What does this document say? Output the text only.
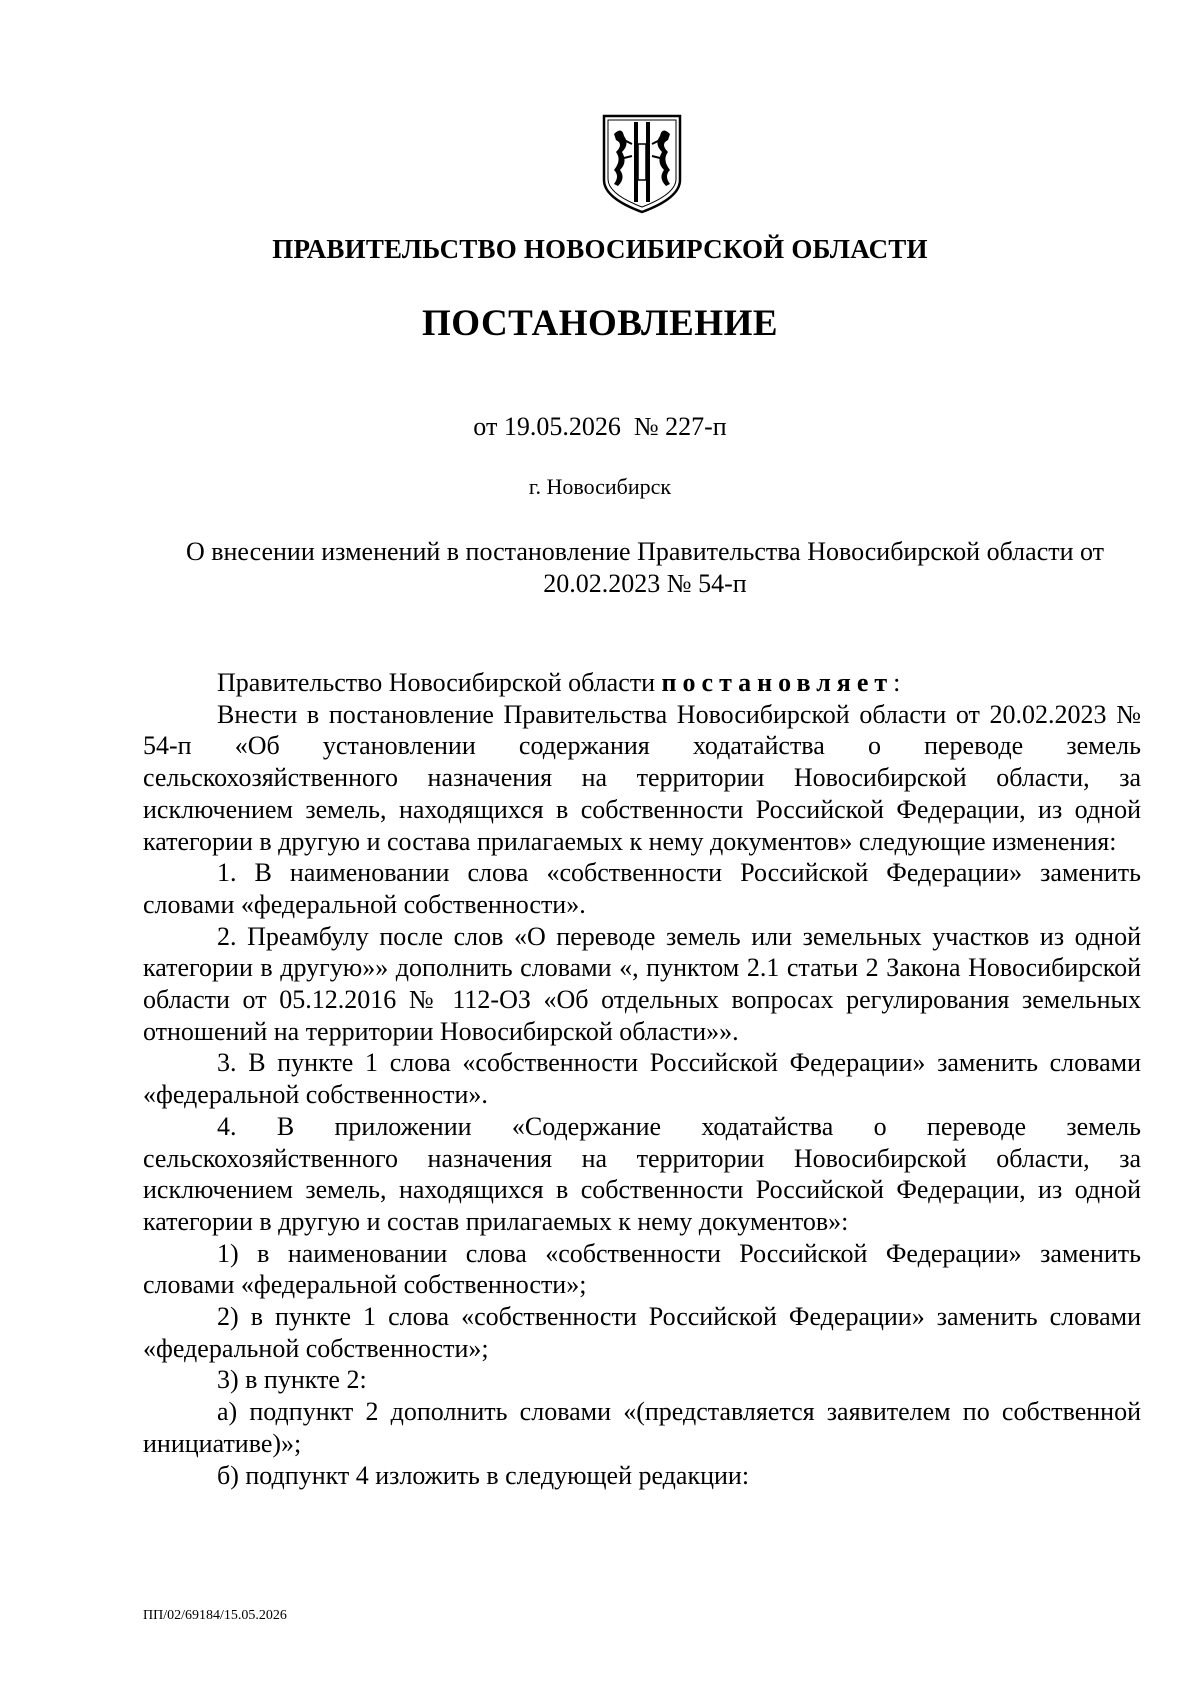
ПРАВИТЕЛЬСТВО НОВОСИБИРСКОЙ ОБЛАСТИ
ПОСТАНОВЛЕНИЕ
от 19.05.2026  № 227-п
г. Новосибирск
О внесении изменений в постановление Правительства Новосибирской области от 20.02.2023 № 54-п

Правительство Новосибирской области постановляет:

Внести в постановление Правительства Новосибирской области от 20.02.2023 № 54-п «Об установлении содержания ходатайства о переводе земель сельскохозяйственного назначения на территории Новосибирской области, за исключением земель, находящихся в собственности Российской Федерации, из одной категории в другую и состава прилагаемых к нему документов» следующие изменения:

1. В наименовании слова «собственности Российской Федерации» заменить словами «федеральной собственности».

2. Преамбулу после слов «О переводе земель или земельных участков из одной категории в другую»» дополнить словами «, пунктом 2.1 статьи 2 Закона Новосибирской области от 05.12.2016 № 112-ОЗ «Об отдельных вопросах регулирования земельных отношений на территории Новосибирской области»».

3. В пункте 1 слова «собственности Российской Федерации» заменить словами «федеральной собственности».

4. В приложении «Содержание ходатайства о переводе земель сельскохозяйственного назначения на территории Новосибирской области, за исключением земель, находящихся в собственности Российской Федерации, из одной категории в другую и состав прилагаемых к нему документов»:

1) в наименовании слова «собственности Российской Федерации» заменить словами «федеральной собственности»;

2) в пункте 1 слова «собственности Российской Федерации» заменить словами «федеральной собственности»;

3) в пункте 2:

а) подпункт 2 дополнить словами «(представляется заявителем по собственной инициативе)»;

б) подпункт 4 изложить в следующей редакции:

ПП/02/69184/15.05.2026
